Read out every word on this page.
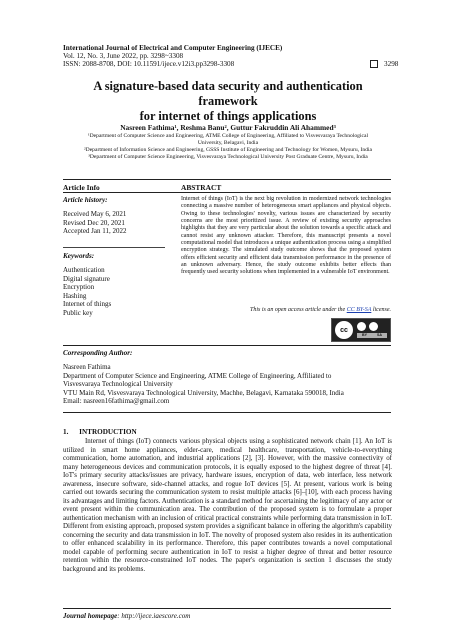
International Journal of Electrical and Computer Engineering (IJECE)
Vol. 12, No. 3, June 2022, pp. 3298~3308
ISSN: 2088-8708, DOI: 10.11591/ijece.v12i3.pp3298-3308	3298
A signature-based data security and authentication framework
for internet of things applications
Nasreen Fathima¹, Reshma Banu², Guttur Fakruddin Ali Ahammed³
¹Department of Computer Science and Engineering, ATME College of Engineering, Affiliated to Visvesvaraya Technological
University, Belagavi, India
²Department of Information Science and Engineering, GSSS Institute of Engineering and Technology for Women, Mysuru, India
³Department of Computer Science Engineering, Visvesvaraya Technological University Post Graduate Centre, Mysuru, India
Article Info	ABSTRACT
Article history:
Received May 6, 2021
Revised Dec 20, 2021
Accepted Jan 11, 2022
Keywords:
Authentication
Digital signature
Encryption
Hashing
Internet of things
Public key
Internet of things (IoT) is the next big revolution in modernized network technologies connecting a massive number of heterogeneous smart appliances and physical objects. Owing to these technologies' novelty, various issues are characterized by security concerns are the most prioritized issue. A review of existing security approaches highlights that they are very particular about the solution towards a specific attack and cannot resist any unknown attacker. Therefore, this manuscript presents a novel computational model that introduces a unique authentication process using a simplified encryption strategy. The simulated study outcome shows that the proposed system offers efficient security and efficient data transmission performance in the presence of an unknown adversary. Hence, the study outcome exhibits better effects than frequently used security solutions when implemented in a vulnerable IoT environment.
This is an open access article under the CC BY-SA license.
cc
BY	SA
Corresponding Author:
Nasreen Fathima
Department of Computer Science and Engineering, ATME College of Engineering, Affiliated to
Visvesvaraya Technological University
VTU Main Rd, Visvesvaraya Technological University, Machhe, Belagavi, Karnataka 590018, India
Email: nasreen16fathima@gmail.com
1.      INTRODUCTION
Internet of things (IoT) connects various physical objects using a sophisticated network chain [1]. An IoT is utilized in smart home appliances, elder-care, medical healthcare, transportation, vehicle-to-everything communication, home automation, and industrial applications [2], [3]. However, with the massive connectivity of many heterogeneous devices and communication protocols, it is equally exposed to the highest degree of threat [4]. IoT's primary security attacks/issues are privacy, hardware issues, encryption of data, web interface, less network awareness, insecure software, side-channel attacks, and rogue IoT devices [5]. At present, various work is being carried out towards securing the communication system to resist multiple attacks [6]–[10], with each process having its advantages and limiting factors. Authentication is a standard method for ascertaining the legitimacy of any actor or event present within the communication area. The contribution of the proposed system is to formulate a proper authentication mechanism with an inclusion of critical practical constraints while performing data transmission in IoT. Different from existing approach, proposed system provides a significant balance in offering the algorithm's capability concerning the security and data transmission in IoT. The novelty of proposed system also resides in its authentication to offer enhanced scalability in its performance. Therefore, this paper contributes towards a novel computational model capable of performing secure authentication in IoT to resist a higher degree of threat and better resource retention within the resource-constrained IoT nodes. The paper's organization is section 1 discusses the study background and its problems.
Journal homepage: http://ijece.iaescore.com
